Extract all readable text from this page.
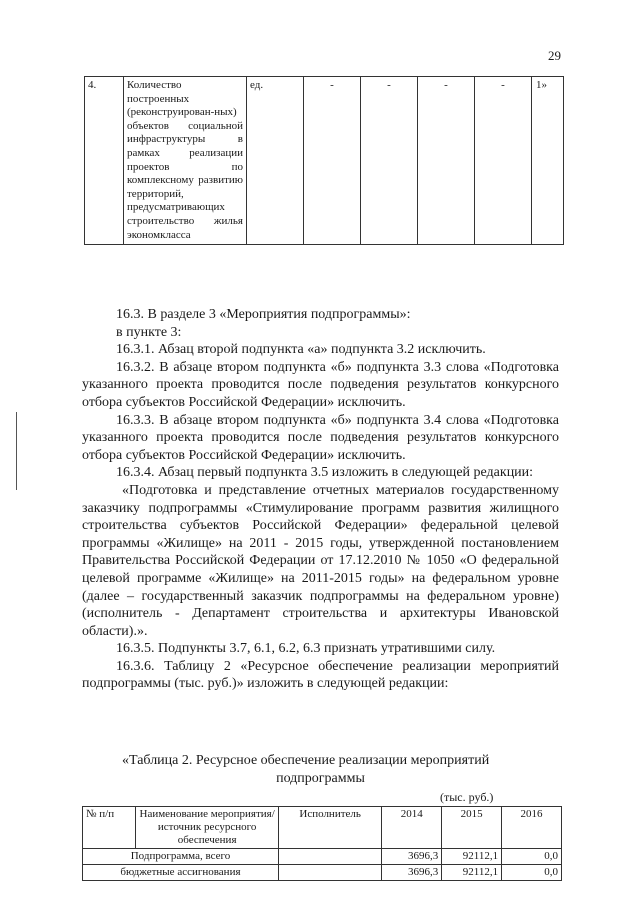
29
4.	Количество построенных (реконструирован-ных) объектов социальной инфраструктуры в рамках реализации проектов по комплексному развитию территорий, предусматривающих строительство жилья экономкласса	ед.	-	-	-	-	1»

16.3. В разделе 3 «Мероприятия подпрограммы»:

в пункте 3:

16.3.1. Абзац второй подпункта «а» подпункта 3.2 исключить.

16.3.2. В абзаце втором подпункта «б» подпункта 3.3 слова «Подготовка указанного проекта проводится после подведения результатов конкурсного отбора субъектов Российской Федерации» исключить.

16.3.3. В абзаце втором подпункта «б» подпункта 3.4 слова «Подготовка указанного проекта проводится после подведения результатов конкурсного отбора субъектов Российской Федерации» исключить.

16.3.4. Абзац первый подпункта 3.5 изложить в следующей редакции:

«Подготовка и представление отчетных материалов государственному заказчику подпрограммы «Стимулирование программ развития жилищного строительства субъектов Российской Федерации» федеральной целевой программы «Жилище» на 2011 - 2015 годы, утвержденной постановлением Правительства Российской Федерации от 17.12.2010 № 1050 «О федеральной целевой программе «Жилище» на 2011-2015 годы» на федеральном уровне (далее – государственный заказчик подпрограммы на федеральном уровне) (исполнитель - Департамент строительства и архитектуры Ивановской области).».

16.3.5. Подпункты 3.7, 6.1, 6.2, 6.3 признать утратившими силу.

16.3.6. Таблицу 2 «Ресурсное обеспечение реализации мероприятий подпрограммы (тыс. руб.)» изложить в следующей редакции:

«Таблица 2. Ресурсное обеспечение реализации мероприятий
подпрограммы
(тыс. руб.)
№ п/п	Наименование мероприятия/источник ресурсного обеспечения	Исполнитель	2014	2015	2016
Подпрограмма, всего			3696,3	92112,1	0,0
бюджетные ассигнования			3696,3	92112,1	0,0
